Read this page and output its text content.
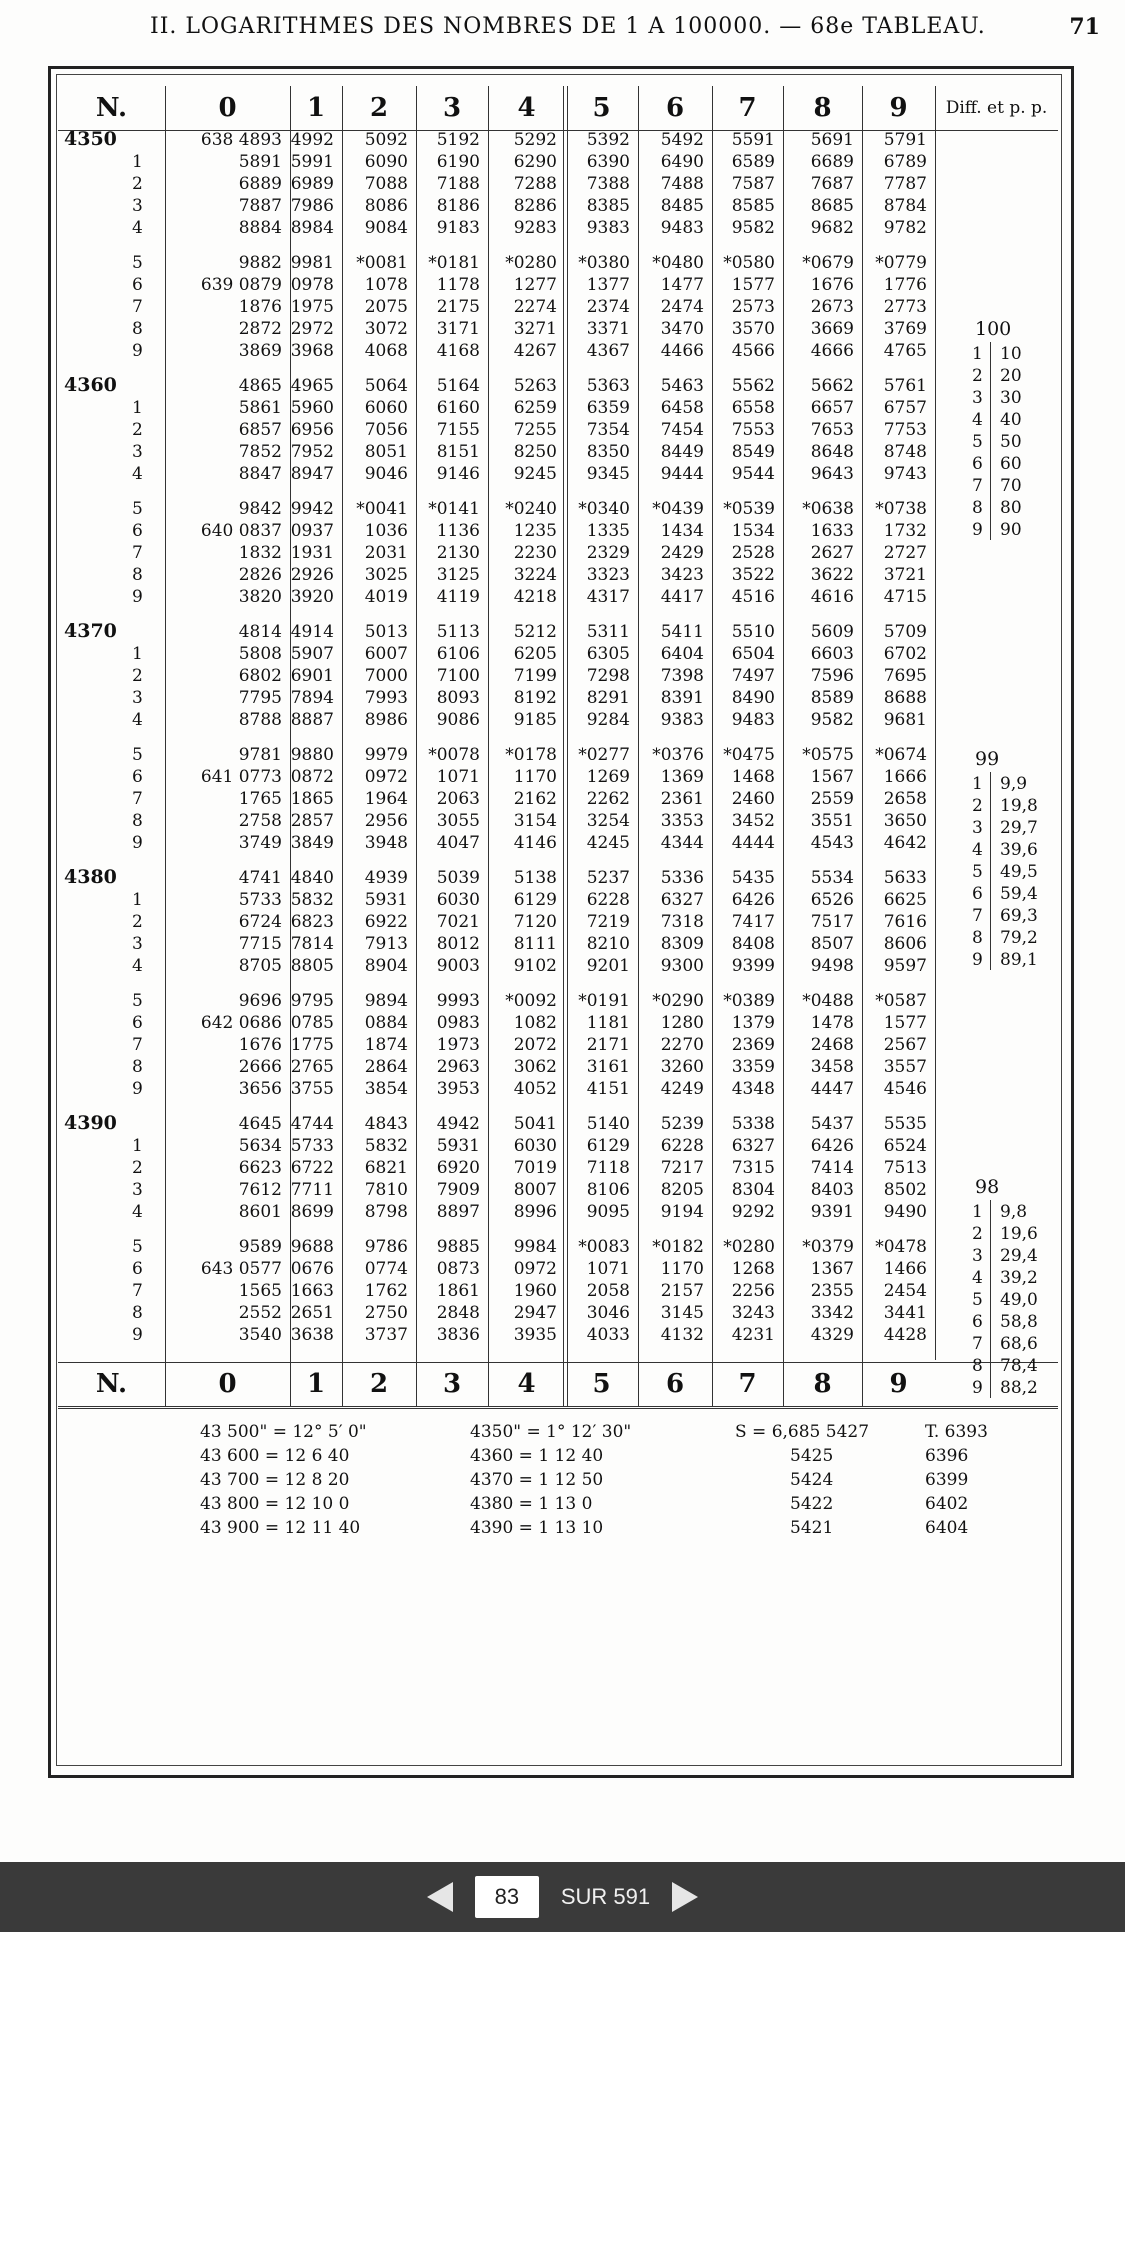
II. LOGARITHMES DES NOMBRES DE 1 A 100000. — 68e TABLEAU.	71
N.	0	1	2	3	4	5	6	7	8	9	Diff. et p. p.
4350	638 4893 4992	5092	5192	5292	5392	5492	5591	5691	5791
1	5891 5991	6090	6190	6290	6390	6490	6589	6689	6789
2	6889 6989	7088	7188	7288	7388	7488	7587	7687	7787
3	7887 7986	8086	8186	8286	8385	8485	8585	8685	8784
4	8884 8984	9084	9183	9283	9383	9483	9582	9682	9782
5	9882 9981	*0081	*0181	*0280	*0380	*0480	*0580	*0679	*0779
6	639 0879 0978	1078	1178	1277	1377	1477	1577	1676	1776
7	1876 1975	2075	2175	2274	2374	2474	2573	2673	2773
8	2872 2972	3072	3171	3271	3371	3470	3570	3669	3769
9	3869 3968	4068	4168	4267	4367	4466	4566	4666	4765
4360	4865 4965	5064	5164	5263	5363	5463	5562	5662	5761
1	5861 5960	6060	6160	6259	6359	6458	6558	6657	6757
2	6857 6956	7056	7155	7255	7354	7454	7553	7653	7753
3	7852 7952	8051	8151	8250	8350	8449	8549	8648	8748
4	8847 8947	9046	9146	9245	9345	9444	9544	9643	9743
5	9842 9942	*0041	*0141	*0240	*0340	*0439	*0539	*0638	*0738
6	640 0837 0937	1036	1136	1235	1335	1434	1534	1633	1732
7	1832 1931	2031	2130	2230	2329	2429	2528	2627	2727
8	2826 2926	3025	3125	3224	3323	3423	3522	3622	3721
9	3820 3920	4019	4119	4218	4317	4417	4516	4616	4715
4370	4814 4914	5013	5113	5212	5311	5411	5510	5609	5709
1	5808 5907	6007	6106	6205	6305	6404	6504	6603	6702
2	6802 6901	7000	7100	7199	7298	7398	7497	7596	7695
3	7795 7894	7993	8093	8192	8291	8391	8490	8589	8688
4	8788 8887	8986	9086	9185	9284	9383	9483	9582	9681
5	9781 9880	9979	*0078	*0178	*0277	*0376	*0475	*0575	*0674
6	641 0773 0872	0972	1071	1170	1269	1369	1468	1567	1666
7	1765 1865	1964	2063	2162	2262	2361	2460	2559	2658
8	2758 2857	2956	3055	3154	3254	3353	3452	3551	3650
9	3749 3849	3948	4047	4146	4245	4344	4444	4543	4642
4380	4741 4840	4939	5039	5138	5237	5336	5435	5534	5633
1	5733 5832	5931	6030	6129	6228	6327	6426	6526	6625
2	6724 6823	6922	7021	7120	7219	7318	7417	7517	7616
3	7715 7814	7913	8012	8111	8210	8309	8408	8507	8606
4	8705 8805	8904	9003	9102	9201	9300	9399	9498	9597
5	9696 9795	9894	9993	*0092	*0191	*0290	*0389	*0488	*0587
6	642 0686 0785	0884	0983	1082	1181	1280	1379	1478	1577
7	1676 1775	1874	1973	2072	2171	2270	2369	2468	2567
8	2666 2765	2864	2963	3062	3161	3260	3359	3458	3557
9	3656 3755	3854	3953	4052	4151	4249	4348	4447	4546
4390	4645 4744	4843	4942	5041	5140	5239	5338	5437	5535
1	5634 5733	5832	5931	6030	6129	6228	6327	6426	6524
2	6623 6722	6821	6920	7019	7118	7217	7315	7414	7513
3	7612 7711	7810	7909	8007	8106	8205	8304	8403	8502
4	8601 8699	8798	8897	8996	9095	9194	9292	9391	9490
5	9589 9688	9786	9885	9984	*0083	*0182	*0280	*0379	*0478
6	643 0577 0676	0774	0873	0972	1071	1170	1268	1367	1466
7	1565 1663	1762	1861	1960	2058	2157	2256	2355	2454
8	2552 2651	2750	2848	2947	3046	3145	3243	3342	3441
9	3540 3638	3737	3836	3935	4033	4132	4231	4329	4428
N.	0	1	2	3	4	5	6	7	8	9
100
1 10
2 20
3 30
4 40
5 50
6 60
7 70
8 80
9 90
99
1 9,9
2 19,8
3 29,7
4 39,6
5 49,5
6 59,4
7 69,3
8 79,2
9 89,1
98
1 9,8
2 19,6
3 29,4
4 39,2
5 49,0
6 58,8
7 68,6
8 78,4
9 88,2
43 500" = 12° 5′ 0"	4350" = 1° 12′ 30"	S = 6,685 5427	T. 6393
43 600 = 12 6 40	4360 = 1 12 40	5425	6396
43 700 = 12 8 20	4370 = 1 12 50	5424	6399
43 800 = 12 10 0	4380 = 1 13 0	5422	6402
43 900 = 12 11 40	4390 = 1 13 10	5421	6404
83
SUR 591
